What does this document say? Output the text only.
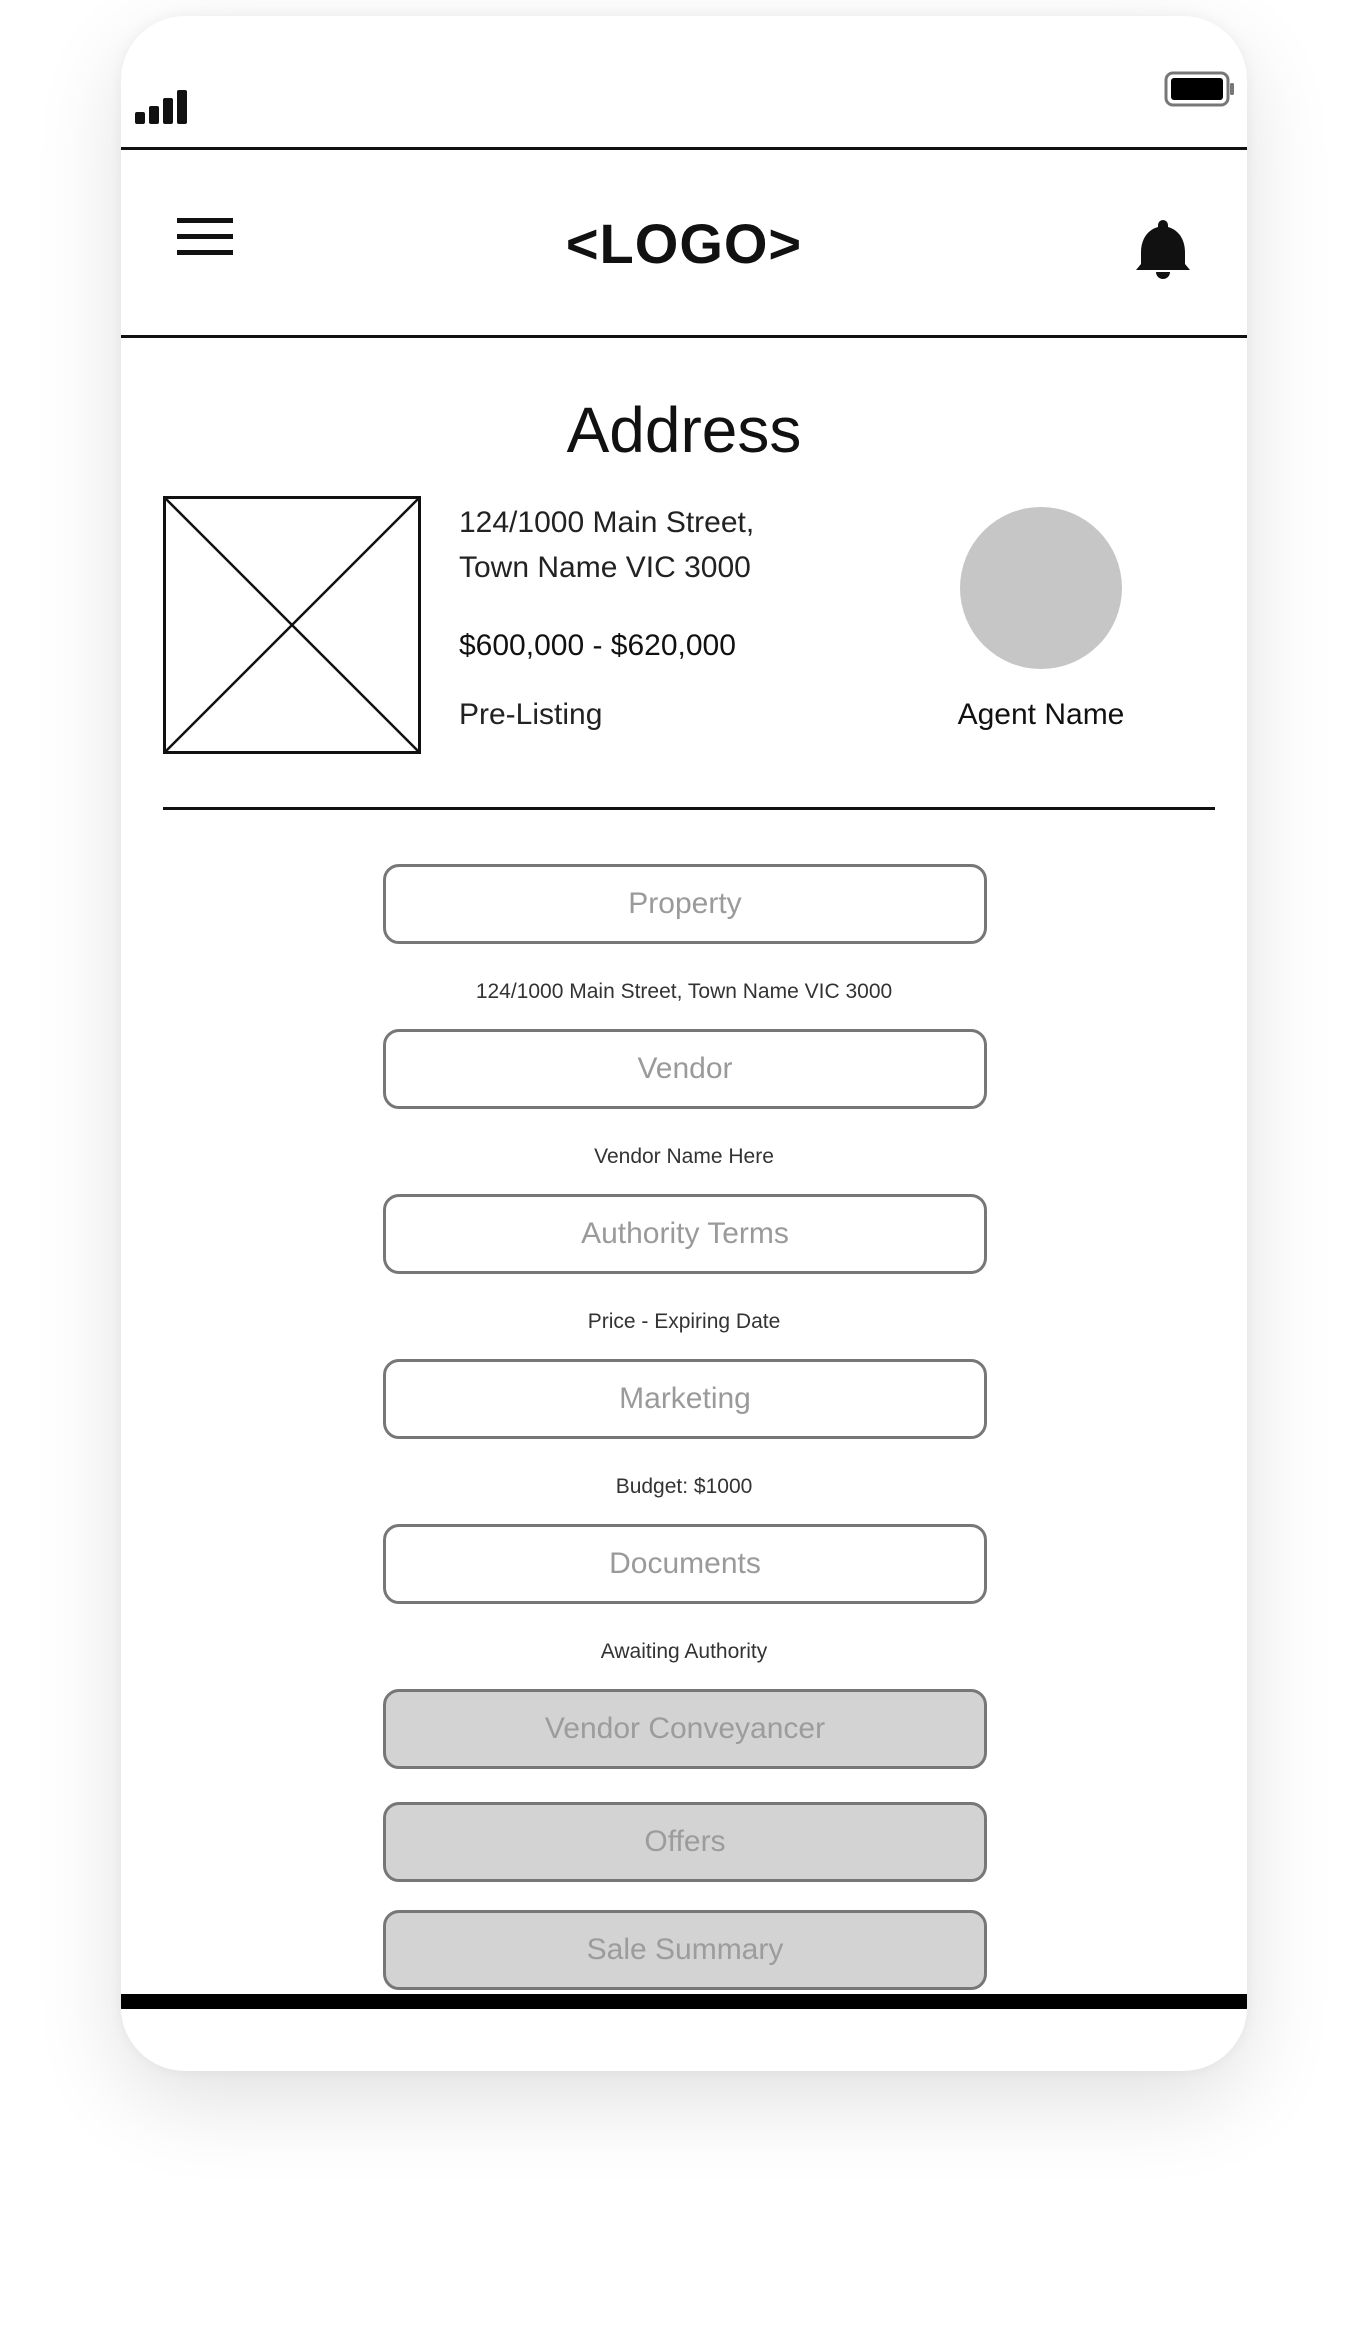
<LOGO>
Address
124/1000 Main Street,
Town Name VIC 3000
$600,000 - $620,000
Pre-Listing	Agent Name
Property
124/1000 Main Street, Town Name VIC 3000
Vendor
Vendor Name Here
Authority Terms
Price - Expiring Date
Marketing
Budget: $1000
Documents
Awaiting Authority
Vendor Conveyancer
Offers
Sale Summary
